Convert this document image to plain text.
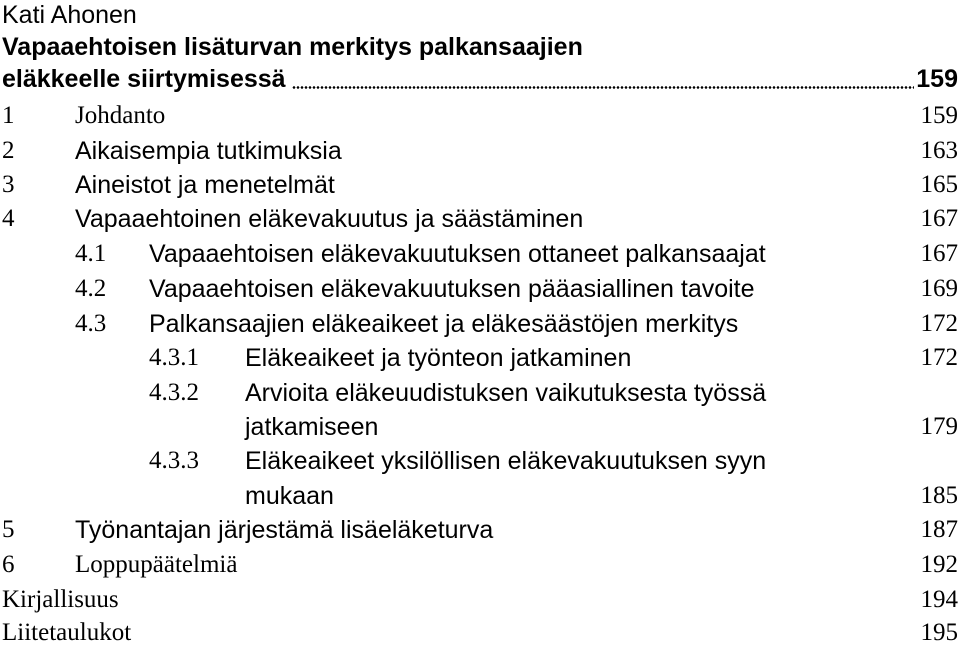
Kati Ahonen
Vapaaehtoisen lisäturvan merkitys palkansaajien
eläkkeelle siirtymisessä	159
1 Johdanto	159
2 Aikaisempia tutkimuksia	163
3 Aineistot ja menetelmät	165
4 Vapaaehtoinen eläkevakuutus ja säästäminen	167
4.1 Vapaaehtoisen eläkevakuutuksen ottaneet palkansaajat	167
4.2 Vapaaehtoisen eläkevakuutuksen pääasiallinen tavoite	169
4.3 Palkansaajien eläkeaikeet ja eläkesäästöjen merkitys	172
4.3.1 Eläkeaikeet ja työnteon jatkaminen	172
4.3.2 Arvioita eläkeuudistuksen vaikutuksesta työssä
jatkamiseen	179
4.3.3 Eläkeaikeet yksilöllisen eläkevakuutuksen syyn
mukaan	185
5 Työnantajan järjestämä lisäeläketurva	187
6 Loppupäätelmiä	192
Kirjallisuus	194
Liitetaulukot	195
